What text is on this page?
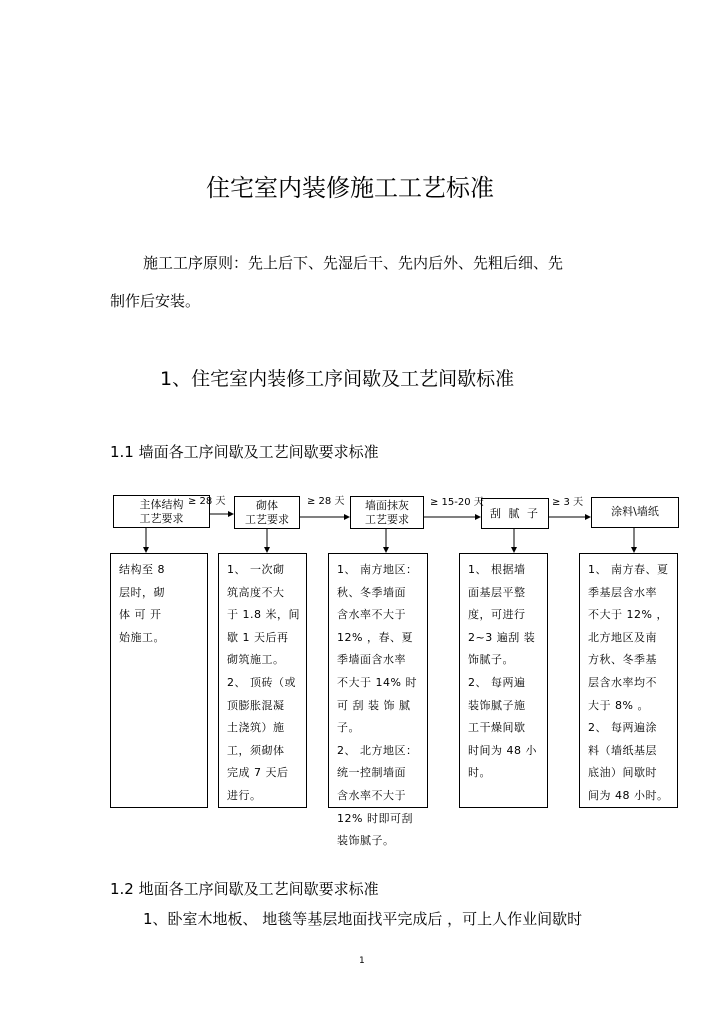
住宅室内装修施工工艺标准
施工工序原则：先上后下、先湿后干、先内后外、先粗后细、先
制作后安装。
1、住宅室内装修工序间歇及工艺间歇标准
1.1 墙面各工序间歇及工艺间歇要求标准
主体结构
工艺要求
砌体
工艺要求
墙面抹灰
工艺要求	刮 腻 子	涂料\墙纸
≥ 28 天	≥ 28 天	≥ 15-20 天	≥ 3 天
结构至 8
层时，砌
体 可 开
始施工。
1、 一次砌
筑高度不大
于 1.8 米，间
歇 1 天后再
砌筑施工。
2、 顶砖（或
顶膨胀混凝
土浇筑）施
工，须砌体
完成 7 天后
进行。
1、 南方地区：
秋、冬季墙面
含水率不大于
12% ，春、夏
季墙面含水率
不大于 14% 时
可 刮 装 饰 腻
子。
2、 北方地区：
统一控制墙面
含水率不大于
12% 时即可刮
装饰腻子。
1、 根据墙
面基层平整
度，可进行
2~3 遍刮 装
饰腻子。
2、 每两遍
装饰腻子施
工干燥间歇
时间为 48 小
时。
1、 南方春、夏
季基层含水率
不大于 12% ，
北方地区及南
方秋、冬季基
层含水率均不
大于 8% 。
2、 每两遍涂
料（墙纸基层
底油）间歇时
间为 48 小时。
1.2 地面各工序间歇及工艺间歇要求标准
1、卧室木地板、 地毯等基层地面找平完成后 ，可上人作业间歇时
1
